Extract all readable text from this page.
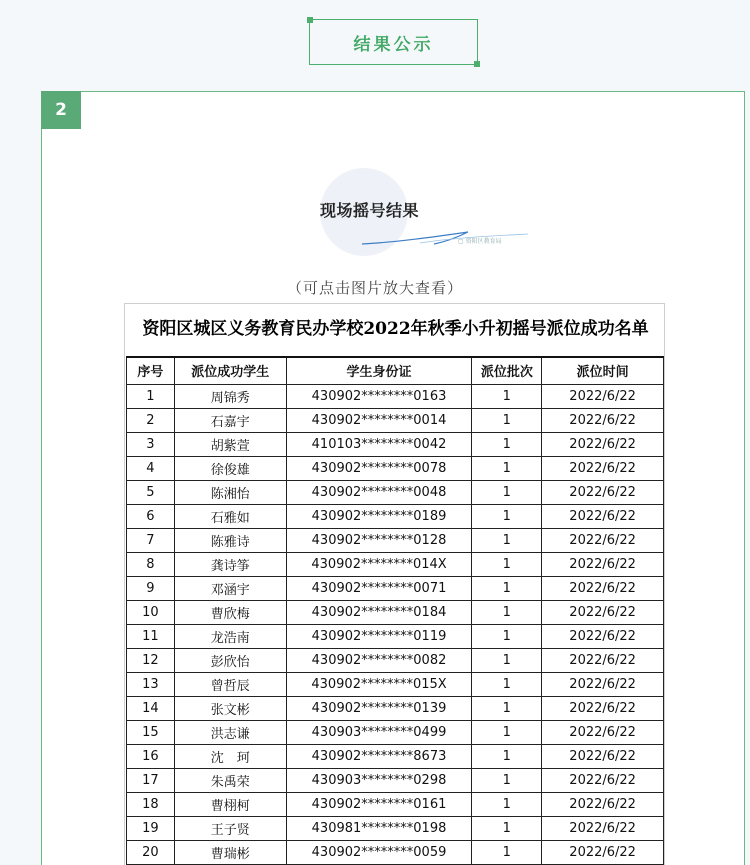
结果公示
2
现场摇号结果
▢ 资阳区教育局
（可点击图片放大查看）
资阳区城区义务教育民办学校2022年秋季小升初摇号派位成功名单
序号	派位成功学生	学生身份证	派位批次	派位时间
1	周锦秀	430902********0163	1	2022/6/22
2	石嘉宇	430902********0014	1	2022/6/22
3	胡紫萱	410103********0042	1	2022/6/22
4	徐俊雄	430902********0078	1	2022/6/22
5	陈湘怡	430902********0048	1	2022/6/22
6	石雅如	430902********0189	1	2022/6/22
7	陈雅诗	430902********0128	1	2022/6/22
8	龚诗筝	430902********014X	1	2022/6/22
9	邓涵宇	430902********0071	1	2022/6/22
10	曹欣梅	430902********0184	1	2022/6/22
11	龙浩南	430902********0119	1	2022/6/22
12	彭欣怡	430902********0082	1	2022/6/22
13	曾哲辰	430902********015X	1	2022/6/22
14	张文彬	430902********0139	1	2022/6/22
15	洪志谦	430903********0499	1	2022/6/22
16	沈　珂	430902********8673	1	2022/6/22
17	朱禹荣	430903********0298	1	2022/6/22
18	曹栩柯	430902********0161	1	2022/6/22
19	王子贤	430981********0198	1	2022/6/22
20	曹瑞彬	430902********0059	1	2022/6/22
